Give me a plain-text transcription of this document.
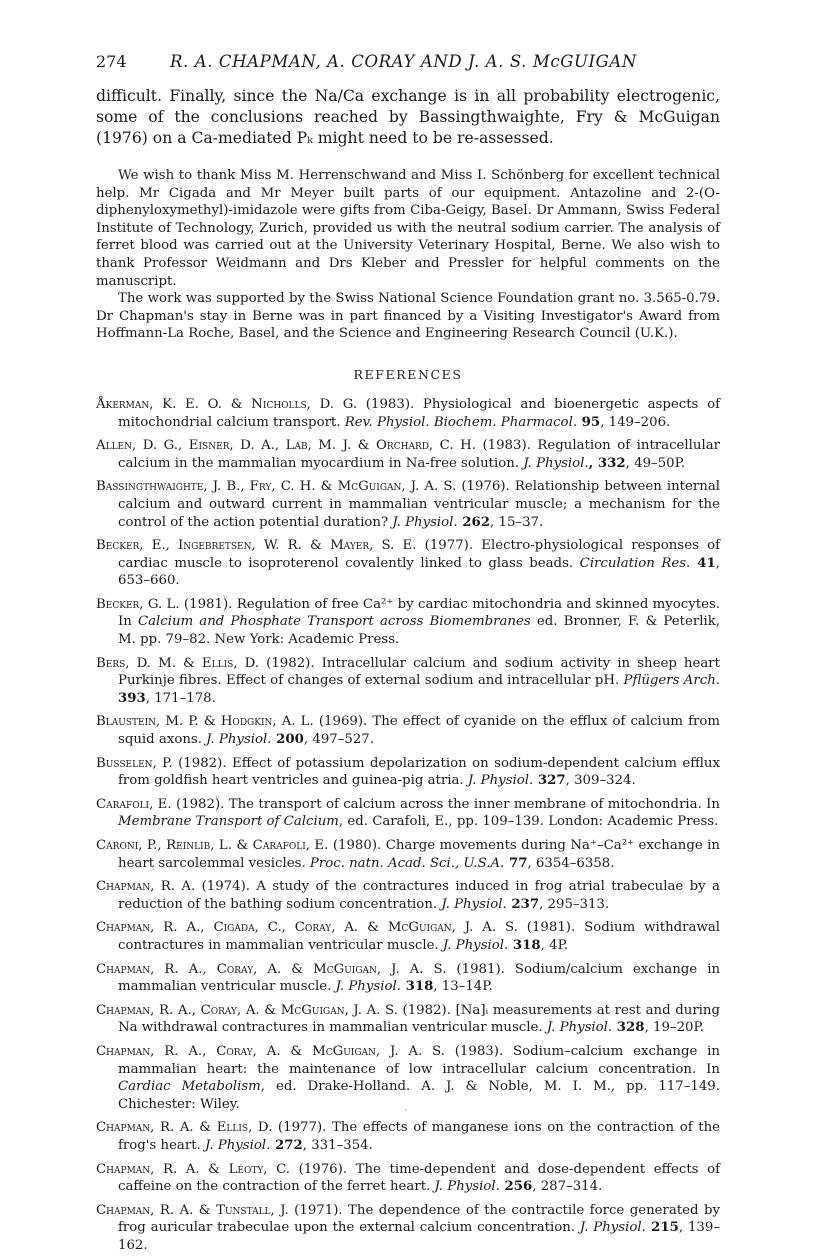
274	R. A. CHAPMAN, A. CORAY AND J. A. S. McGUIGAN

difficult. Finally, since the Na/Ca exchange is in all probability electrogenic, some of the conclusions reached by Bassingthwaighte, Fry & McGuigan (1976) on a Ca-mediated Pₖ might need to be re-assessed.

We wish to thank Miss M. Herrenschwand and Miss I. Schönberg for excellent technical help. Mr Cigada and Mr Meyer built parts of our equipment. Antazoline and 2-(O-diphenyloxymethyl)-imidazole were gifts from Ciba-Geigy, Basel. Dr Ammann, Swiss Federal Institute of Technology, Zurich, provided us with the neutral sodium carrier. The analysis of ferret blood was carried out at the University Veterinary Hospital, Berne. We also wish to thank Professor Weidmann and Drs Kleber and Pressler for helpful comments on the manuscript.

The work was supported by the Swiss National Science Foundation grant no. 3.565-0.79. Dr Chapman's stay in Berne was in part financed by a Visiting Investigator's Award from Hoffmann-La Roche, Basel, and the Science and Engineering Research Council (U.K.).

REFERENCES
Åkerman, K. E. O. & Nicholls, D. G. (1983). Physiological and bioenergetic aspects of mitochondrial calcium transport. Rev. Physiol. Biochem. Pharmacol. 95, 149–206.
Allen, D. G., Eisner, D. A., Lab, M. J. & Orchard, C. H. (1983). Regulation of intracellular calcium in the mammalian myocardium in Na-free solution. J. Physiol., 332, 49–50P.
Bassingthwaighte, J. B., Fry, C. H. & McGuigan, J. A. S. (1976). Relationship between internal calcium and outward current in mammalian ventricular muscle; a mechanism for the control of the action potential duration? J. Physiol. 262, 15–37.
Becker, E., Ingebretsen, W. R. & Mayer, S. E. (1977). Electro-physiological responses of cardiac muscle to isoproterenol covalently linked to glass beads. Circulation Res. 41, 653–660.
Becker, G. L. (1981). Regulation of free Ca²⁺ by cardiac mitochondria and skinned myocytes. In Calcium and Phosphate Transport across Biomembranes ed. Bronner, F. & Peterlik, M. pp. 79–82. New York: Academic Press.
Bers, D. M. & Ellis, D. (1982). Intracellular calcium and sodium activity in sheep heart Purkinje fibres. Effect of changes of external sodium and intracellular pH. Pflügers Arch. 393, 171–178.
Blaustein, M. P. & Hodgkin, A. L. (1969). The effect of cyanide on the efflux of calcium from squid axons. J. Physiol. 200, 497–527.
Busselen, P. (1982). Effect of potassium depolarization on sodium-dependent calcium efflux from goldfish heart ventricles and guinea-pig atria. J. Physiol. 327, 309–324.
Carafoli, E. (1982). The transport of calcium across the inner membrane of mitochondria. In Membrane Transport of Calcium, ed. Carafoli, E., pp. 109–139. London: Academic Press.
Caroni, P., Reinlib, L. & Carafoli, E. (1980). Charge movements during Na⁺–Ca²⁺ exchange in heart sarcolemmal vesicles. Proc. natn. Acad. Sci., U.S.A. 77, 6354–6358.
Chapman, R. A. (1974). A study of the contractures induced in frog atrial trabeculae by a reduction of the bathing sodium concentration. J. Physiol. 237, 295–313.
Chapman, R. A., Cigada, C., Coray, A. & McGuigan, J. A. S. (1981). Sodium withdrawal contractures in mammalian ventricular muscle. J. Physiol. 318, 4P.
Chapman, R. A., Coray, A. & McGuigan, J. A. S. (1981). Sodium/calcium exchange in mammalian ventricular muscle. J. Physiol. 318, 13–14P.
Chapman, R. A., Coray, A. & McGuigan, J. A. S. (1982). [Na]ᵢ measurements at rest and during Na withdrawal contractures in mammalian ventricular muscle. J. Physiol. 328, 19–20P.
Chapman, R. A., Coray, A. & McGuigan, J. A. S. (1983). Sodium–calcium exchange in mammalian heart: the maintenance of low intracellular calcium concentration. In Cardiac Metabolism, ed. Drake-Holland. A. J. & Noble, M. I. M., pp. 117–149. Chichester: Wiley.
Chapman, R. A. & Ellis, D. (1977). The effects of manganese ions on the contraction of the frog's heart. J. Physiol. 272, 331–354.
Chapman, R. A. & Léoty, C. (1976). The time-dependent and dose-dependent effects of caffeine on the contraction of the ferret heart. J. Physiol. 256, 287–314.
Chapman, R. A. & Tunstall, J. (1971). The dependence of the contractile force generated by frog auricular trabeculae upon the external calcium concentration. J. Physiol. 215, 139–162.
’
